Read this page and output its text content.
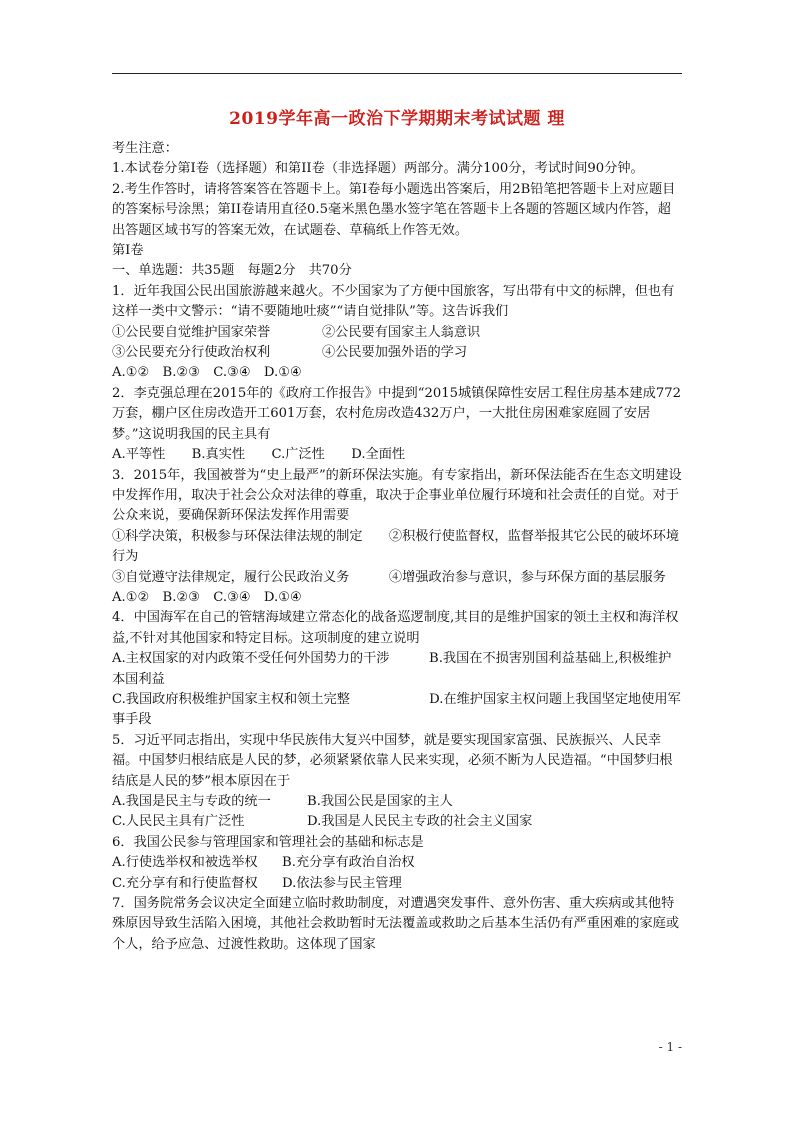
2019学年高一政治下学期期末考试试题 理

考生注意：

1.本试卷分第Ⅰ卷（选择题）和第II卷（非选择题）两部分。满分100分，考试时间90分钟。

2.考生作答时，请将答案答在答题卡上。第Ⅰ卷每小题选出答案后，用2B铅笔把答题卡上对应题目的答案标号涂黑；第II卷请用直径0.5毫米黑色墨水签字笔在答题卡上各题的答题区域内作答，超出答题区域书写的答案无效，在试题卷、草稿纸上作答无效。

第Ⅰ卷

一、单选题：共35题　每题2分　共70分

1．近年我国公民出国旅游越来越火。不少国家为了方便中国旅客，写出带有中文的标牌，但也有这样一类中文警示：“请不要随地吐痰”“请自觉排队”等。这告诉我们

①公民要自觉维护国家荣誉	②公民要有国家主人翁意识
③公民要充分行使政治权利	④公民要加强外语的学习

A.①②　B.②③　C.③④　D.①④

2．李克强总理在2015年的《政府工作报告》中提到“2015城镇保障性安居工程住房基本建成772万套，棚户区住房改造开工601万套，农村危房改造432万户，一大批住房困难家庭圆了安居梦。”这说明我国的民主具有

A.平等性　　B.真实性　　C.广泛性　　D.全面性

3．2015年，我国被誉为“史上最严”的新环保法实施。有专家指出，新环保法能否在生态文明建设中发挥作用，取决于社会公众对法律的尊重，取决于企事业单位履行环境和社会责任的自觉。对于公众来说，要确保新环保法发挥作用需要

①科学决策，积极参与环保法律法规的制定　　②积极行使监督权，监督举报其它公民的破坏环境行为

③自觉遵守法律规定，履行公民政治义务　　　④增强政治参与意识，参与环保方面的基层服务

A.①②　B.②③　C.③④　D.①④

4．中国海军在自己的管辖海域建立常态化的战备巡逻制度,其目的是维护国家的领土主权和海洋权益,不针对其他国家和特定目标。这项制度的建立说明

A.主权国家的对内政策不受任何外国势力的干涉　　　B.我国在不损害别国利益基础上,积极维护本国利益

C.我国政府积极维护国家主权和领土完整　　　　　　D.在维护国家主权问题上我国坚定地使用军事手段

5．习近平同志指出，实现中华民族伟大复兴中国梦，就是要实现国家富强、民族振兴、人民幸福。中国梦归根结底是人民的梦，必须紧紧依靠人民来实现，必须不断为人民造福。“中国梦归根结底是人民的梦”根本原因在于

A.我国是民主与专政的统一	B.我国公民是国家的主人
C.人民民主具有广泛性	D.我国是人民民主专政的社会主义国家

6．我国公民参与管理国家和管理社会的基础和标志是

A.行使选举权和被选举权	B.充分享有政治自治权
C.充分享有和行使监督权	D.依法参与民主管理

7．国务院常务会议决定全面建立临时救助制度，对遭遇突发事件、意外伤害、重大疾病或其他特殊原因导致生活陷入困境，其他社会救助暂时无法覆盖或救助之后基本生活仍有严重困难的家庭或个人，给予应急、过渡性救助。这体现了国家

- 1 -
